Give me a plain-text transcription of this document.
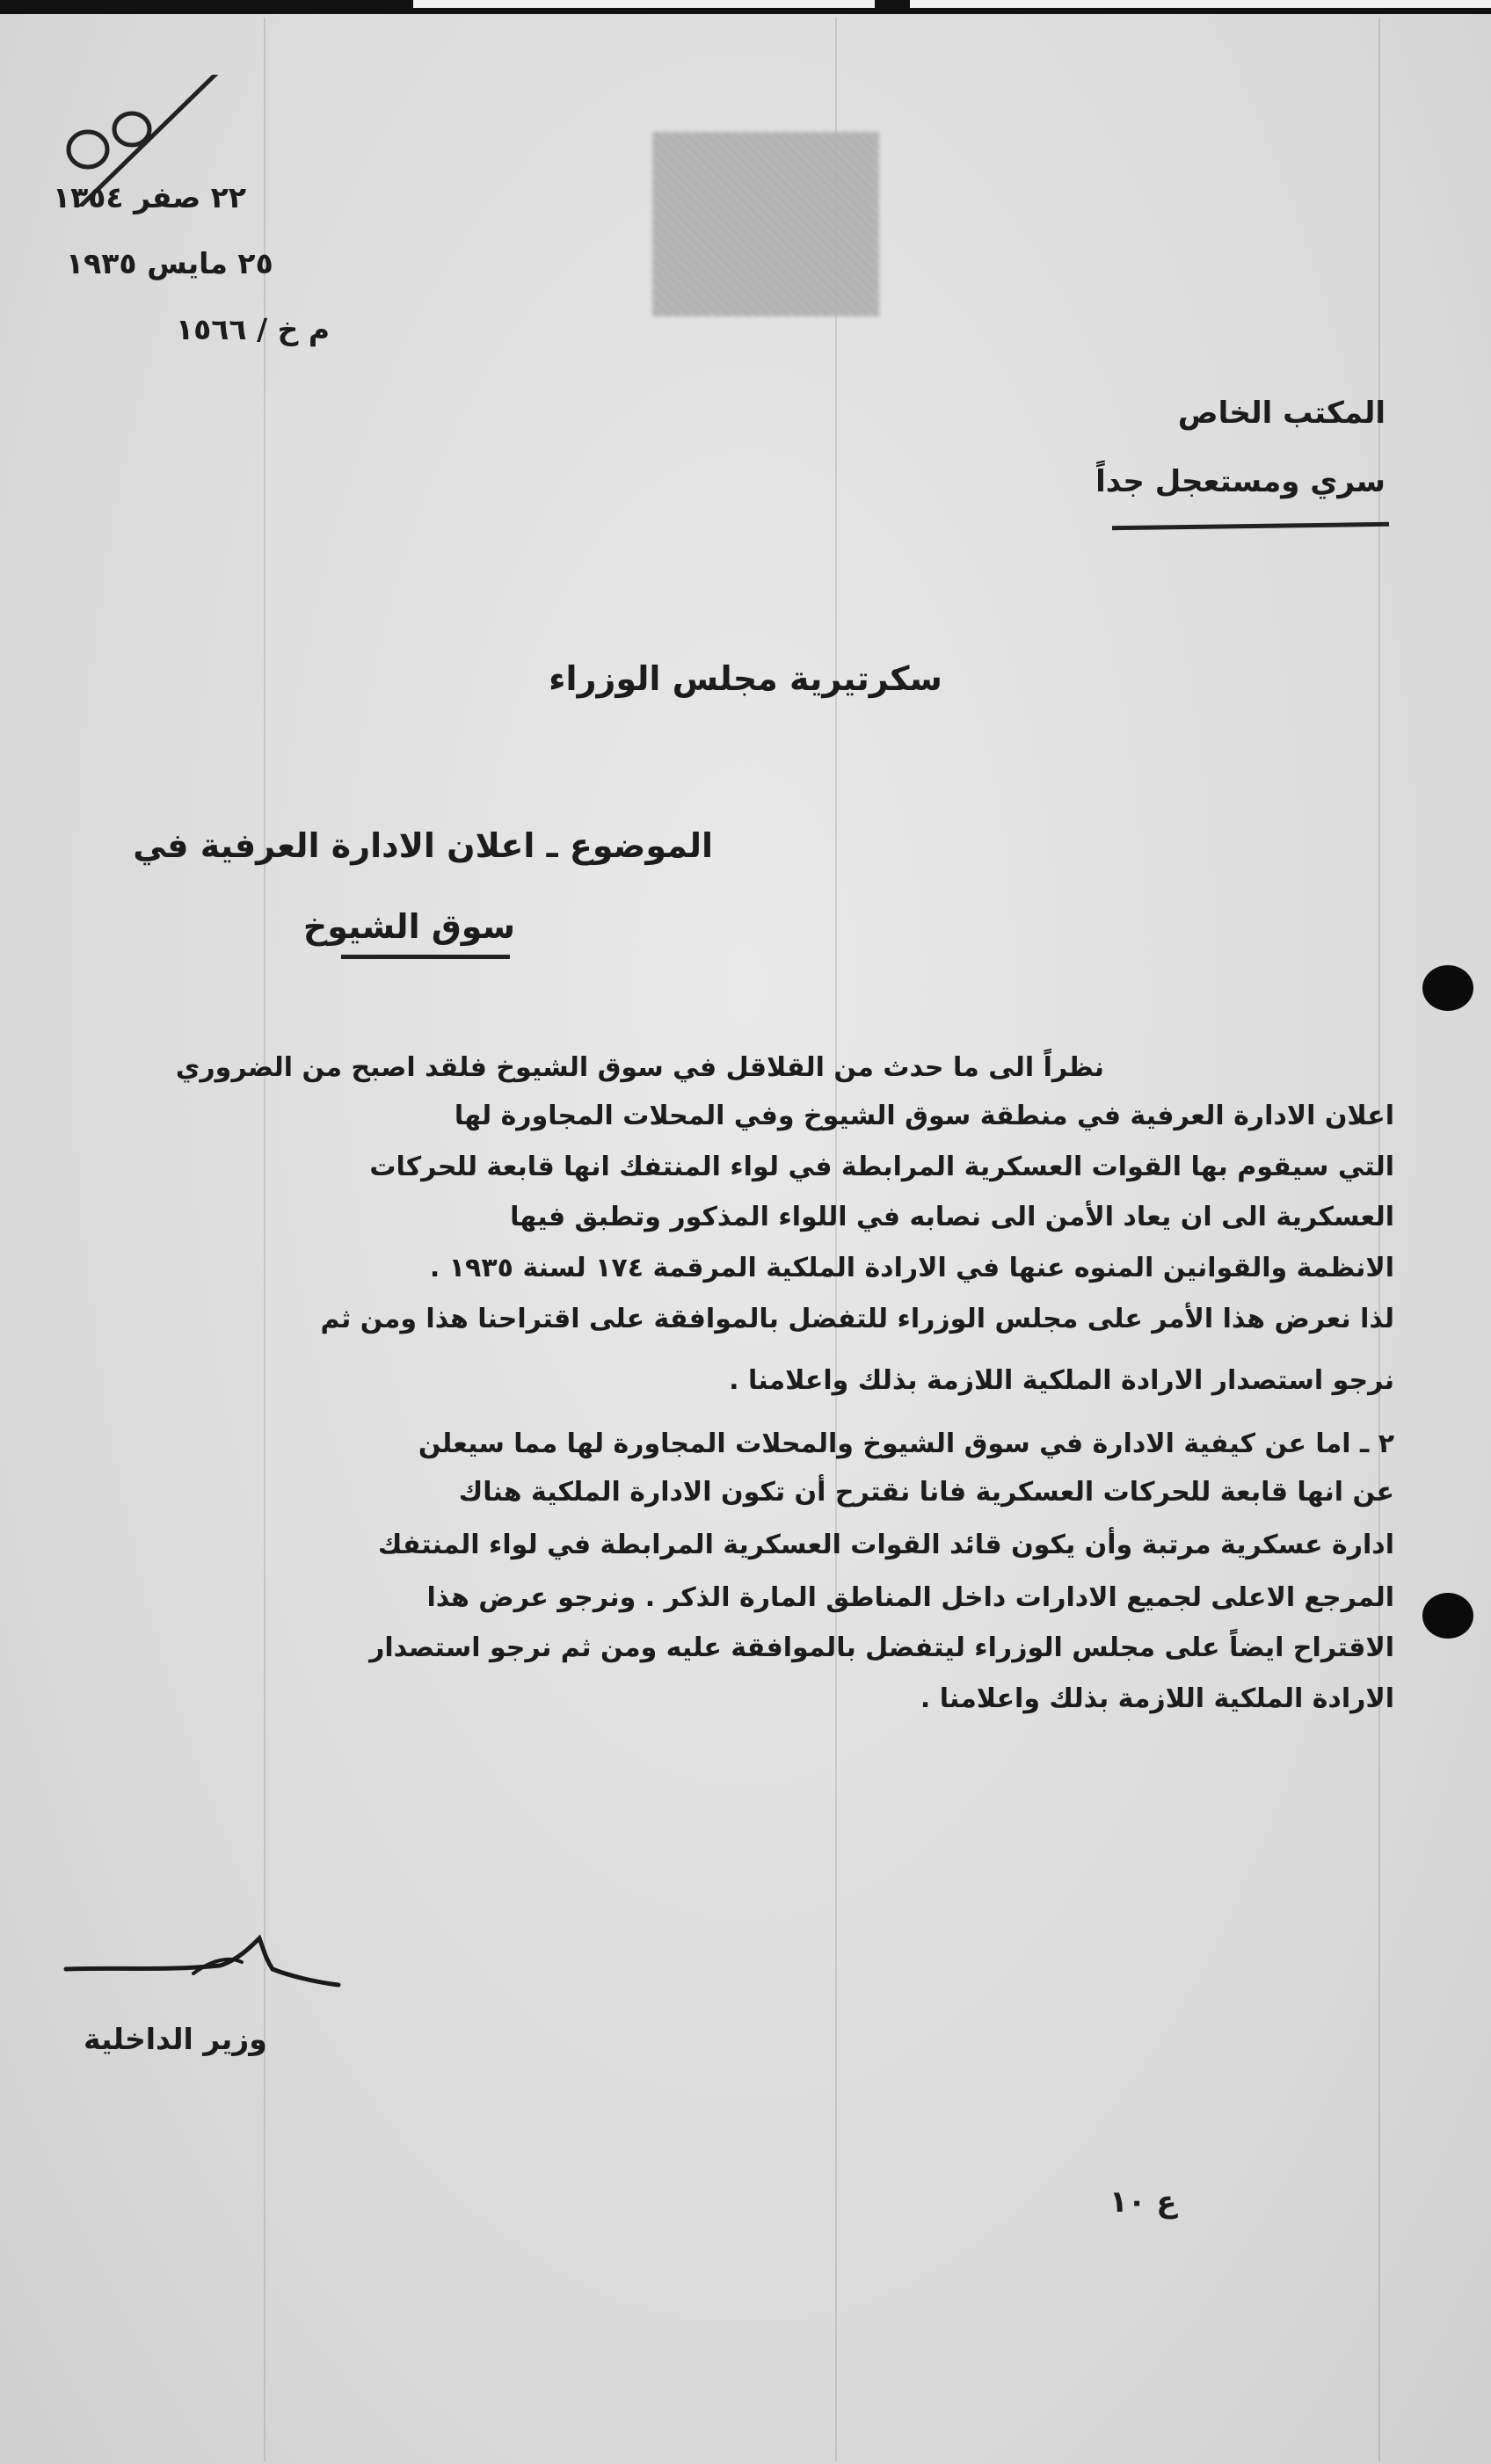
٢٢ صفر ١٣٥٤
٢٥ مايس ١٩٣٥
م خ / ١٥٦٦
المكتب الخاص
سري ومستعجل جداً
سكرتيرية مجلس الوزراء
الموضوع ـ اعلان الادارة العرفية في
سوق الشيوخ
نظراً الى ما حدث من القلاقل في سوق الشيوخ فلقد اصبح من الضروري
اعلان الادارة العرفية في منطقة سوق الشيوخ وفي المحلات المجاورة لها
التي سيقوم بها القوات العسكرية المرابطة في لواء المنتفك انها قابعة للحركات
العسكرية الى ان يعاد الأمن الى نصابه في اللواء المذكور وتطبق فيها
الانظمة والقوانين المنوه عنها في الارادة الملكية المرقمة ١٧٤ لسنة ١٩٣٥ .
لذا نعرض هذا الأمر على مجلس الوزراء للتفضل بالموافقة على اقتراحنا هذا ومن ثم
نرجو استصدار الارادة الملكية اللازمة بذلك واعلامنا .
٢ ـ اما عن كيفية الادارة في سوق الشيوخ والمحلات المجاورة لها مما سيعلن
عن انها قابعة للحركات العسكرية فانا نقترح أن تكون الادارة الملكية هناك
ادارة عسكرية مرتبة وأن يكون قائد القوات العسكرية المرابطة في لواء المنتفك
المرجع الاعلى لجميع الادارات داخل المناطق المارة الذكر . ونرجو عرض هذا
الاقتراح ايضاً على مجلس الوزراء ليتفضل بالموافقة عليه ومن ثم نرجو استصدار
الارادة الملكية اللازمة بذلك واعلامنا .
وزير الداخلية
ع ١٠
